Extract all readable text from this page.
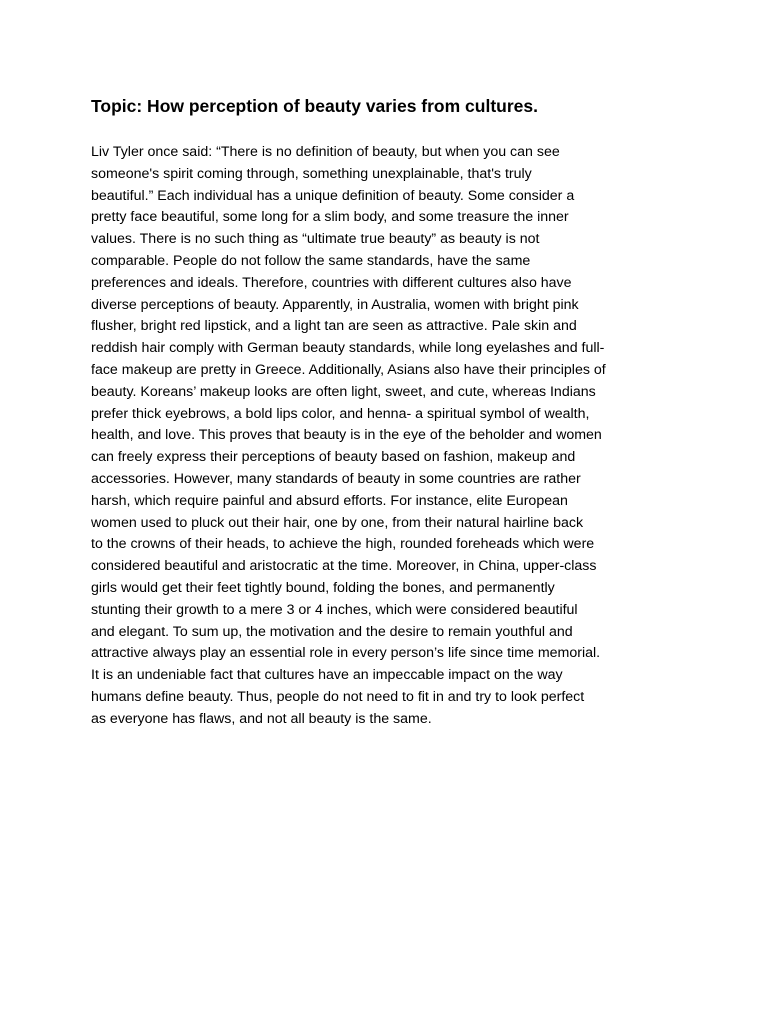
Topic: How perception of beauty varies from cultures.
Liv Tyler once said: “There is no definition of beauty, but when you can see
someone's spirit coming through, something unexplainable, that's truly
beautiful.” Each individual has a unique definition of beauty. Some consider a
pretty face beautiful, some long for a slim body, and some treasure the inner
values. There is no such thing as “ultimate true beauty” as beauty is not
comparable. People do not follow the same standards, have the same
preferences and ideals. Therefore, countries with different cultures also have
diverse perceptions of beauty. Apparently, in Australia, women with bright pink
flusher, bright red lipstick, and a light tan are seen as attractive. Pale skin and
reddish hair comply with German beauty standards, while long eyelashes and full-
face makeup are pretty in Greece. Additionally, Asians also have their principles of
beauty. Koreans’ makeup looks are often light, sweet, and cute, whereas Indians
prefer thick eyebrows, a bold lips color, and henna- a spiritual symbol of wealth,
health, and love. This proves that beauty is in the eye of the beholder and women
can freely express their perceptions of beauty based on fashion, makeup and
accessories. However, many standards of beauty in some countries are rather
harsh, which require painful and absurd efforts. For instance, elite European
women used to pluck out their hair, one by one, from their natural hairline back
to the crowns of their heads, to achieve the high, rounded foreheads which were
considered beautiful and aristocratic at the time. Moreover, in China, upper-class
girls would get their feet tightly bound, folding the bones, and permanently
stunting their growth to a mere 3 or 4 inches, which were considered beautiful
and elegant. To sum up, the motivation and the desire to remain youthful and
attractive always play an essential role in every person’s life since time memorial.
It is an undeniable fact that cultures have an impeccable impact on the way
humans define beauty. Thus, people do not need to fit in and try to look perfect
as everyone has flaws, and not all beauty is the same.
